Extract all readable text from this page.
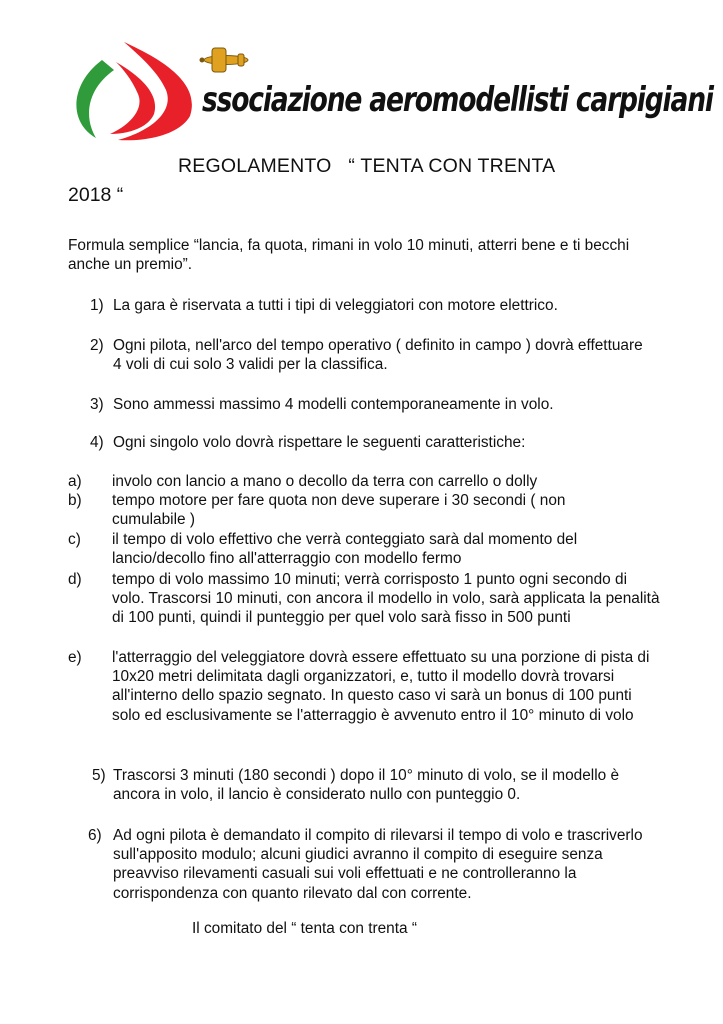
ssociazione aeromodellisti carpigiani
REGOLAMENTO   “ TENTA CON TRENTA
2018 “
Formula semplice “lancia, fa quota, rimani in volo 10 minuti, atterri bene e ti becchi anche un premio”.
1) La gara è riservata a tutti i tipi di veleggiatori con motore elettrico.
2) Ogni pilota, nell'arco del tempo operativo ( definito in campo ) dovrà effettuare 4 voli di cui solo 3 validi per la classifica.
3) Sono ammessi massimo 4 modelli contemporaneamente in volo.
4) Ogni singolo volo dovrà rispettare le seguenti caratteristiche:
a) involo con lancio a mano o decollo da terra con carrello o dolly
b) tempo motore per fare quota non deve superare i 30 secondi ( non cumulabile )
c) il tempo di volo effettivo che verrà conteggiato sarà dal momento del lancio/decollo fino all'atterraggio con modello fermo
d) tempo di volo massimo 10 minuti; verrà corrisposto 1 punto ogni secondo di volo. Trascorsi 10 minuti, con ancora il modello in volo, sarà applicata la penalità di 100 punti, quindi il punteggio per quel volo sarà fisso in 500 punti
e) l'atterraggio del veleggiatore dovrà essere effettuato su una porzione di pista di 10x20 metri delimitata dagli organizzatori, e, tutto il modello dovrà trovarsi all'interno dello spazio segnato. In questo caso vi sarà un bonus di 100 punti solo ed esclusivamente se l'atterraggio è avvenuto entro il 10° minuto di volo
5) Trascorsi 3 minuti (180 secondi ) dopo il 10° minuto di volo, se il modello è ancora in volo, il lancio è considerato nullo con punteggio 0.
6) Ad ogni pilota è demandato il compito di rilevarsi il tempo di volo e trascriverlo sull'apposito modulo; alcuni giudici avranno il compito di eseguire senza preavviso rilevamenti casuali sui voli effettuati e ne controlleranno la corrispondenza con quanto rilevato dal con corrente.
Il comitato del “ tenta con trenta “
